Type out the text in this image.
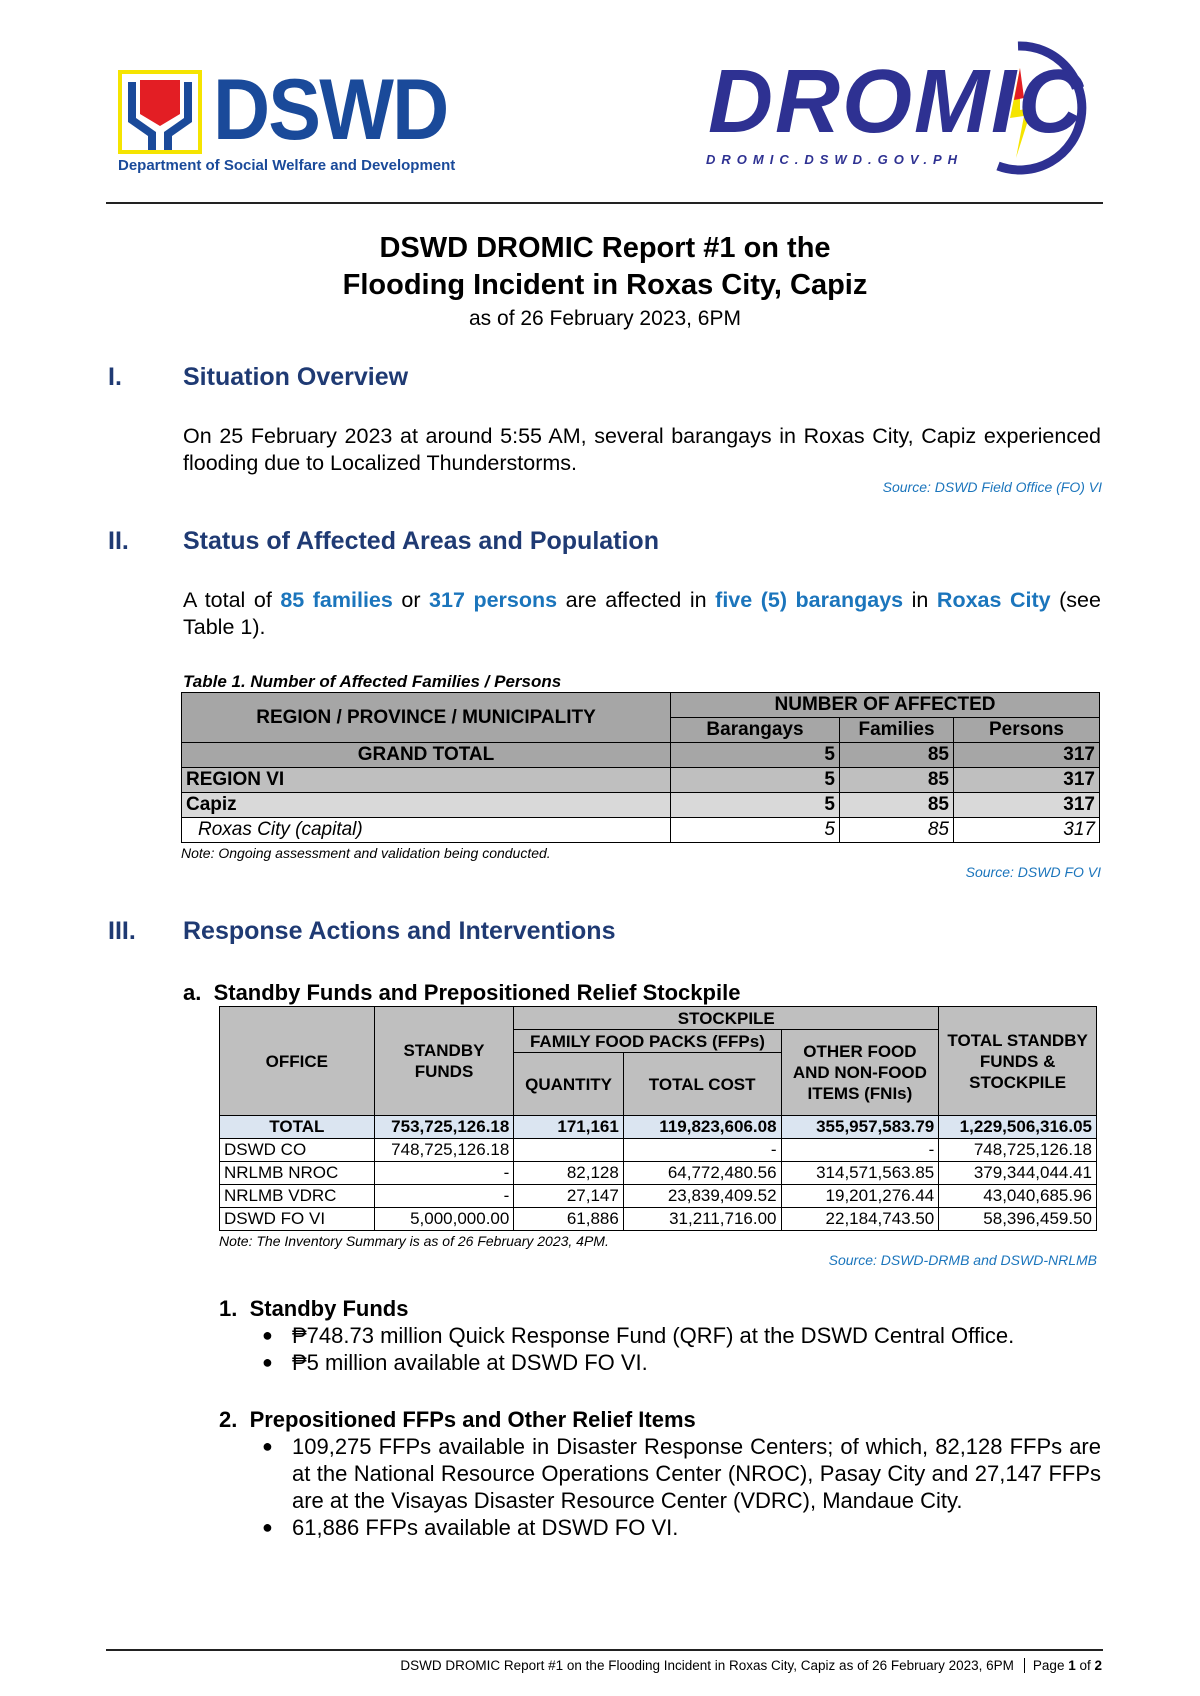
DSWD
Department of Social Welfare and Development
DROMIC
DROMIC.DSWD.GOV.PH
DSWD DROMIC Report #1 on the
Flooding Incident in Roxas City, Capiz
as of 26 February 2023, 6PM
I. Situation Overview
On 25 February 2023 at around 5:55 AM, several barangays in Roxas City, Capiz experienced flooding due to Localized Thunderstorms.
Source: DSWD Field Office (FO) VI
II. Status of Affected Areas and Population
A total of 85 families or 317 persons are affected in five (5) barangays in Roxas City (see Table 1).
Table 1. Number of Affected Families / Persons
REGION / PROVINCE / MUNICIPALITY	NUMBER OF AFFECTED		
	Barangays	Families	Persons
GRAND TOTAL	5	85	317
REGION VI	5	85	317
Capiz	5	85	317
Roxas City (capital)	5	85	317
Note: Ongoing assessment and validation being conducted.
Source: DSWD FO VI
III. Response Actions and Interventions
a.  Standby Funds and Prepositioned Relief Stockpile
OFFICE	STANDBY FUNDS	STOCKPILE			TOTAL STANDBY FUNDS & STOCKPILE
		FAMILY FOOD PACKS (FFPs)		OTHER FOOD AND NON-FOOD ITEMS (FNIs)	
		QUANTITY	TOTAL COST		
TOTAL	753,725,126.18	171,161	119,823,606.08	355,957,583.79	1,229,506,316.05
DSWD CO	748,725,126.18		-	-	748,725,126.18
NRLMB NROC	-	82,128	64,772,480.56	314,571,563.85	379,344,044.41
NRLMB VDRC	-	27,147	23,839,409.52	19,201,276.44	43,040,685.96
DSWD FO VI	5,000,000.00	61,886	31,211,716.00	22,184,743.50	58,396,459.50
Note: The Inventory Summary is as of 26 February 2023, 4PM.
Source: DSWD-DRMB and DSWD-NRLMB
1.  Standby Funds
● ₱748.73 million Quick Response Fund (QRF) at the DSWD Central Office.
● ₱5 million available at DSWD FO VI.
2.  Prepositioned FFPs and Other Relief Items
● 109,275 FFPs available in Disaster Response Centers; of which, 82,128 FFPs are at the National Resource Operations Center (NROC), Pasay City and 27,147 FFPs are at the Visayas Disaster Resource Center (VDRC), Mandaue City.
● 61,886 FFPs available at DSWD FO VI.
DSWD DROMIC Report #1 on the Flooding Incident in Roxas City, Capiz as of 26 February 2023, 6PM Page 1 of 2
